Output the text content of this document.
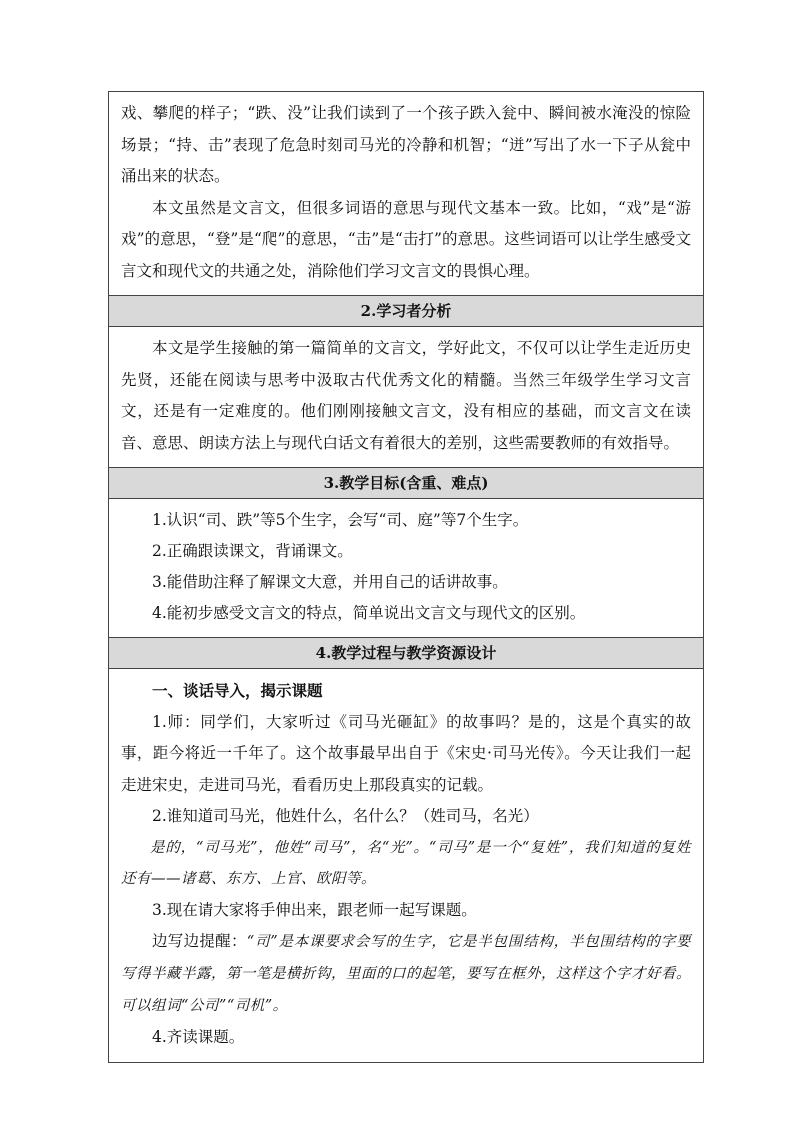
戏、攀爬的样子；“跌、没”让我们读到了一个孩子跌入瓮中、瞬间被水淹没的惊险场景；“持、击”表现了危急时刻司马光的冷静和机智；“迸”写出了水一下子从瓮中涌出来的状态。

本文虽然是文言文，但很多词语的意思与现代文基本一致。比如，“戏”是“游戏”的意思，“登”是“爬”的意思，“击”是“击打”的意思。这些词语可以让学生感受文言文和现代文的共通之处，消除他们学习文言文的畏惧心理。

2.学习者分析

本文是学生接触的第一篇简单的文言文，学好此文，不仅可以让学生走近历史先贤，还能在阅读与思考中汲取古代优秀文化的精髓。当然三年级学生学习文言文，还是有一定难度的。他们刚刚接触文言文，没有相应的基础，而文言文在读音、意思、朗读方法上与现代白话文有着很大的差别，这些需要教师的有效指导。

3.教学目标(含重、难点)

1.认识“司、跌”等5个生字，会写“司、庭”等7个生字。

2.正确跟读课文，背诵课文。

3.能借助注释了解课文大意，并用自己的话讲故事。

4.能初步感受文言文的特点，简单说出文言文与现代文的区别。

4.教学过程与教学资源设计

一、谈话导入，揭示课题

1.师：同学们，大家听过《司马光砸缸》的故事吗？是的，这是个真实的故事，距今将近一千年了。这个故事最早出自于《宋史·司马光传》。今天让我们一起走进宋史，走进司马光，看看历史上那段真实的记载。

2.谁知道司马光，他姓什么，名什么？（姓司马，名光）

是的，“司马光”，他姓“司马”，名“光”。“司马”是一个“复姓”，我们知道的复姓还有——诸葛、东方、上官、欧阳等。

3.现在请大家将手伸出来，跟老师一起写课题。

边写边提醒：“司”是本课要求会写的生字，它是半包围结构，半包围结构的字要写得半藏半露，第一笔是横折钩，里面的口的起笔，要写在框外，这样这个字才好看。可以组词“公司”“司机”。

4.齐读课题。
